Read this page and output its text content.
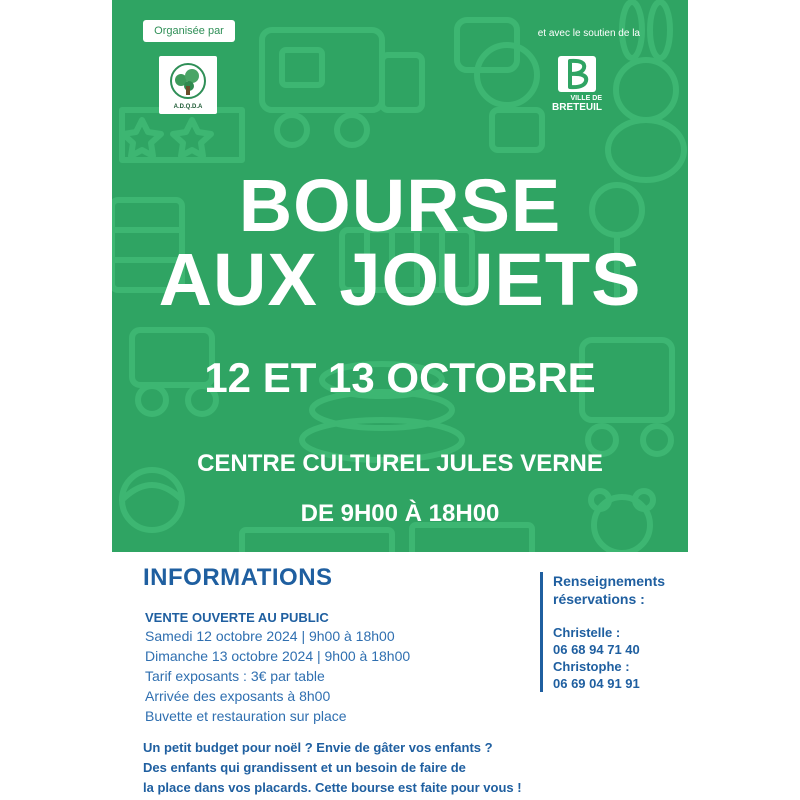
Organisée par
A.D.Q.D.A
et avec le soutien de la
VILLE DE
BRETEUIL
BOURSE
AUX JOUETS
12 ET 13 OCTOBRE
CENTRE CULTUREL JULES VERNE
DE 9H00 À 18H00
INFORMATIONS
VENTE OUVERTE AU PUBLIC
Samedi 12 octobre 2024 | 9h00 à 18h00
Dimanche 13 octobre 2024 | 9h00 à 18h00
Tarif exposants : 3€ par table
Arrivée des exposants à 8h00
Buvette et restauration sur place
Renseignements
réservations :
Christelle :
06 68 94 71 40
Christophe :
06 69 04 91 91
Un petit budget pour noël ? Envie de gâter vos enfants ?
Des enfants qui grandissent et un besoin de faire de
la place dans vos placards. Cette bourse est faite pour vous !
